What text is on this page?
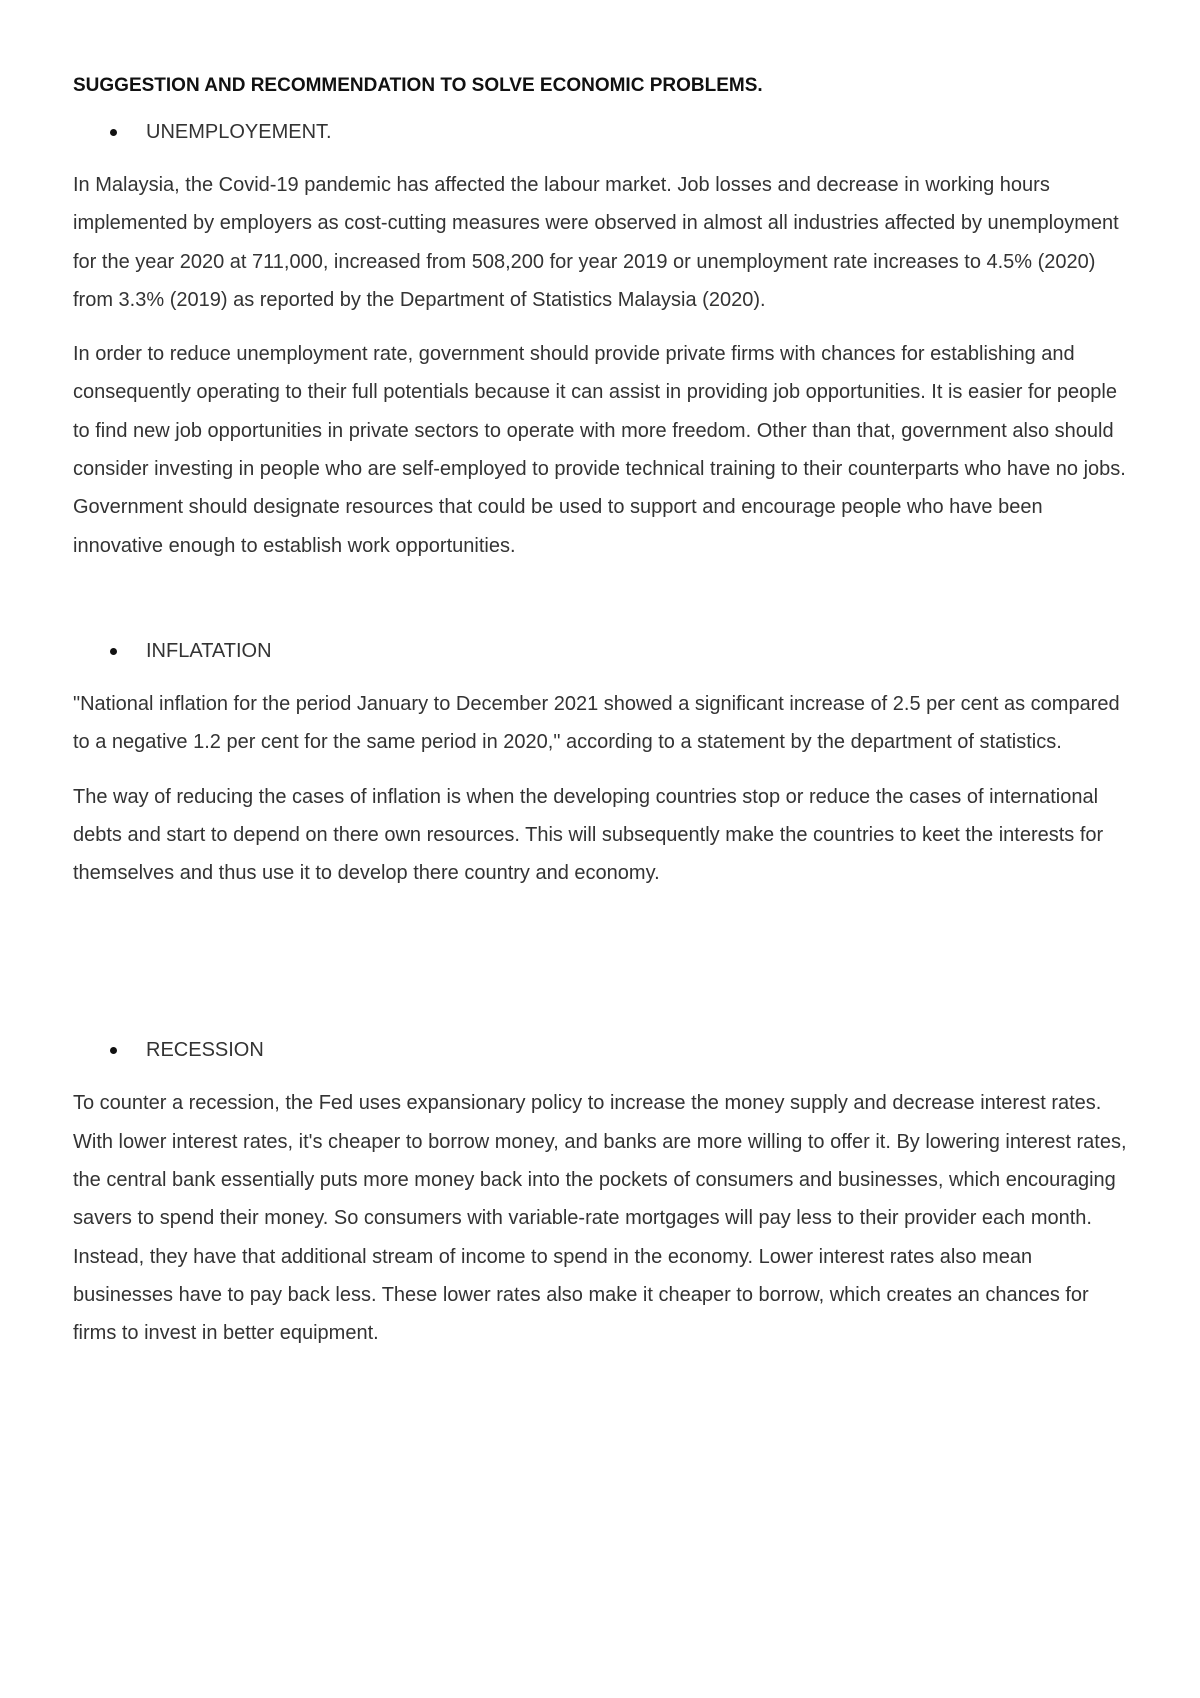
SUGGESTION AND RECOMMENDATION TO SOLVE ECONOMIC PROBLEMS.
UNEMPLOYEMENT.

In Malaysia, the Covid-19 pandemic has affected the labour market. Job losses and decrease in working hours implemented by employers as cost-cutting measures were observed in almost all industries affected by unemployment for the year 2020 at 711,000, increased from 508,200 for year 2019 or unemployment rate increases to 4.5% (2020) from 3.3% (2019) as reported by the Department of Statistics Malaysia (2020).

In order to reduce unemployment rate, government should provide private firms with chances for establishing and consequently operating to their full potentials because it can assist in providing job opportunities. It is easier for people to find new job opportunities in private sectors to operate with more freedom. Other than that, government also should consider investing in people who are self-employed to provide technical training to their counterparts who have no jobs. Government should designate resources that could be used to support and encourage people who have been innovative enough to establish work opportunities.

INFLATATION

"National inflation for the period January to December 2021 showed a significant increase of 2.5 per cent as compared to a negative 1.2 per cent for the same period in 2020," according to a statement by the department of statistics.

The way of reducing the cases of inflation is when the developing countries stop or reduce the cases of international debts and start to depend on there own resources. This will subsequently make the countries to keet the interests for themselves and thus use it to develop there country and economy.

RECESSION

To counter a recession, the Fed uses expansionary policy to increase the money supply and decrease interest rates. With lower interest rates, it's cheaper to borrow money, and banks are more willing to offer it. By lowering interest rates, the central bank essentially puts more money back into the pockets of consumers and businesses, which encouraging savers to spend their money. So consumers with variable-rate mortgages will pay less to their provider each month. Instead, they have that additional stream of income to spend in the economy. Lower interest rates also mean businesses have to pay back less. These lower rates also make it cheaper to borrow, which creates an chances for firms to invest in better equipment.
